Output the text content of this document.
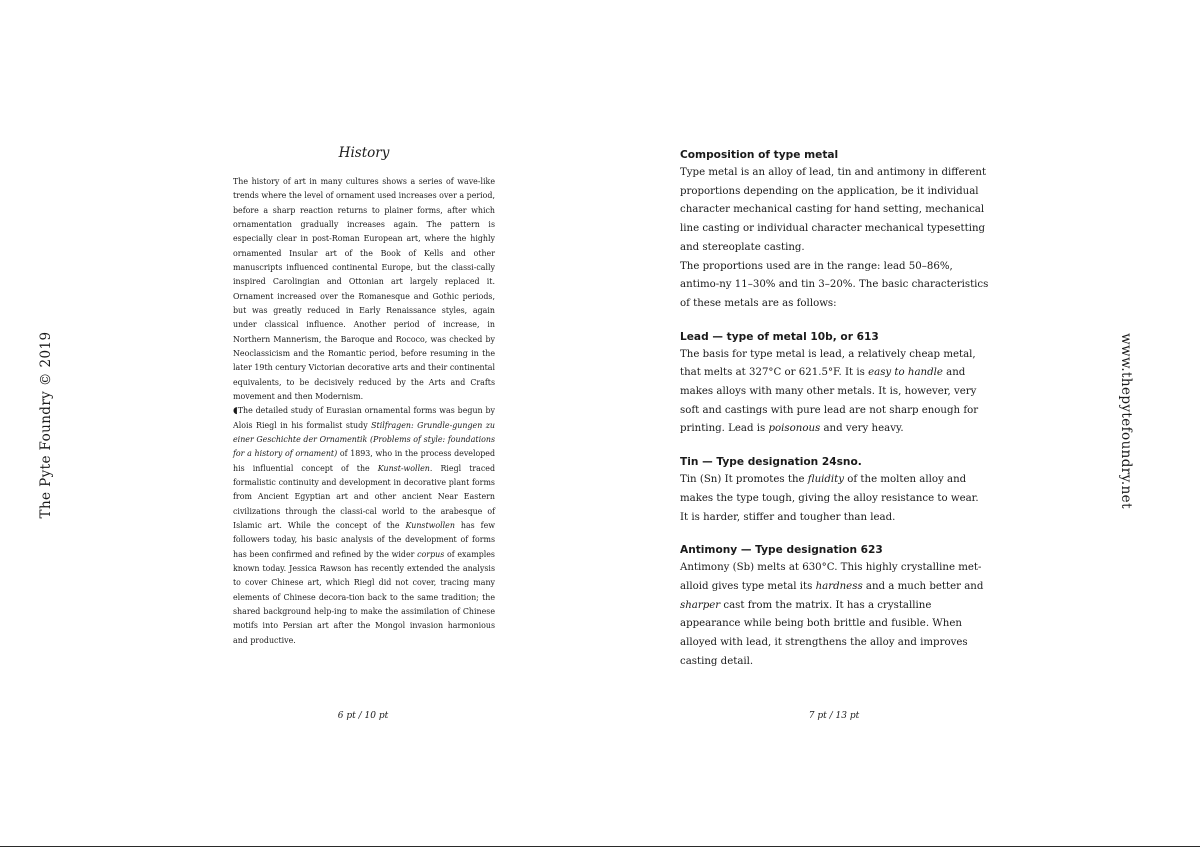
The Pyte Foundry © 2019	www.thepytefoundry.net
History

The history of art in many cultures shows a series of wave-like trends where the level of ornament used increases over a period, before a sharp reaction returns to plainer forms, after which ornamentation gradually increases again. The pattern is especially clear in post-Roman European art, where the highly ornamented Insular art of the Book of Kells and other manuscripts influenced continental Europe, but the classi-cally inspired Carolingian and Ottonian art largely replaced it. Ornament increased over the Romanesque and Gothic periods, but was greatly reduced in Early Renaissance styles, again under classical influence. Another period of increase, in Northern Mannerism, the Baroque and Rococo, was checked by Neoclassicism and the Romantic period, before resuming in the later 19th century Victorian decorative arts and their continental equivalents, to be decisively reduced by the Arts and Crafts movement and then Modernism.

◖The detailed study of Eurasian ornamental forms was begun by Alois Riegl in his formalist study Stilfragen: Grundle-gungen zu einer Geschichte der Ornamentik (Problems of style: foundations for a history of ornament) of 1893, who in the process developed his influential concept of the Kunst-wollen. Riegl traced formalistic continuity and development in decorative plant forms from Ancient Egyptian art and other ancient Near Eastern civilizations through the classi-cal world to the arabesque of Islamic art. While the concept of the Kunstwollen has few followers today, his basic analysis of the development of forms has been confirmed and refined by the wider corpus of examples known today. Jessica Rawson has recently extended the analysis to cover Chinese art, which Riegl did not cover, tracing many elements of Chinese decora-tion back to the same tradition; the shared background help-ing to make the assimilation of Chinese motifs into Persian art after the Mongol invasion harmonious and productive.

Composition of type metal

Type metal is an alloy of lead, tin and antimony in different proportions depending on the application, be it individual character mechanical casting for hand setting, mechanical line casting or individual character mechanical typesetting and stereoplate casting.

The proportions used are in the range: lead 50–86%, antimo-ny 11–30% and tin 3–20%. The basic characteristics of these metals are as follows:

Lead — type of metal 10b, or 613

The basis for type metal is lead, a relatively cheap metal, that melts at 327°C or 621.5°F. It is easy to handle and makes alloys with many other metals. It is, however, very soft and castings with pure lead are not sharp enough for printing. Lead is poisonous and very heavy.

Tin — Type designation 24sno.

Tin (Sn) It promotes the fluidity of the molten alloy and makes the type tough, giving the alloy resistance to wear.

It is harder, stiffer and tougher than lead.

Antimony — Type designation 623

Antimony (Sb) melts at 630°C. This highly crystalline met-alloid gives type metal its hardness and a much better and sharper cast from the matrix. It has a crystalline appearance while being both brittle and fusible. When alloyed with lead, it strengthens the alloy and improves casting detail.

6 pt / 10 pt	7 pt / 13 pt
